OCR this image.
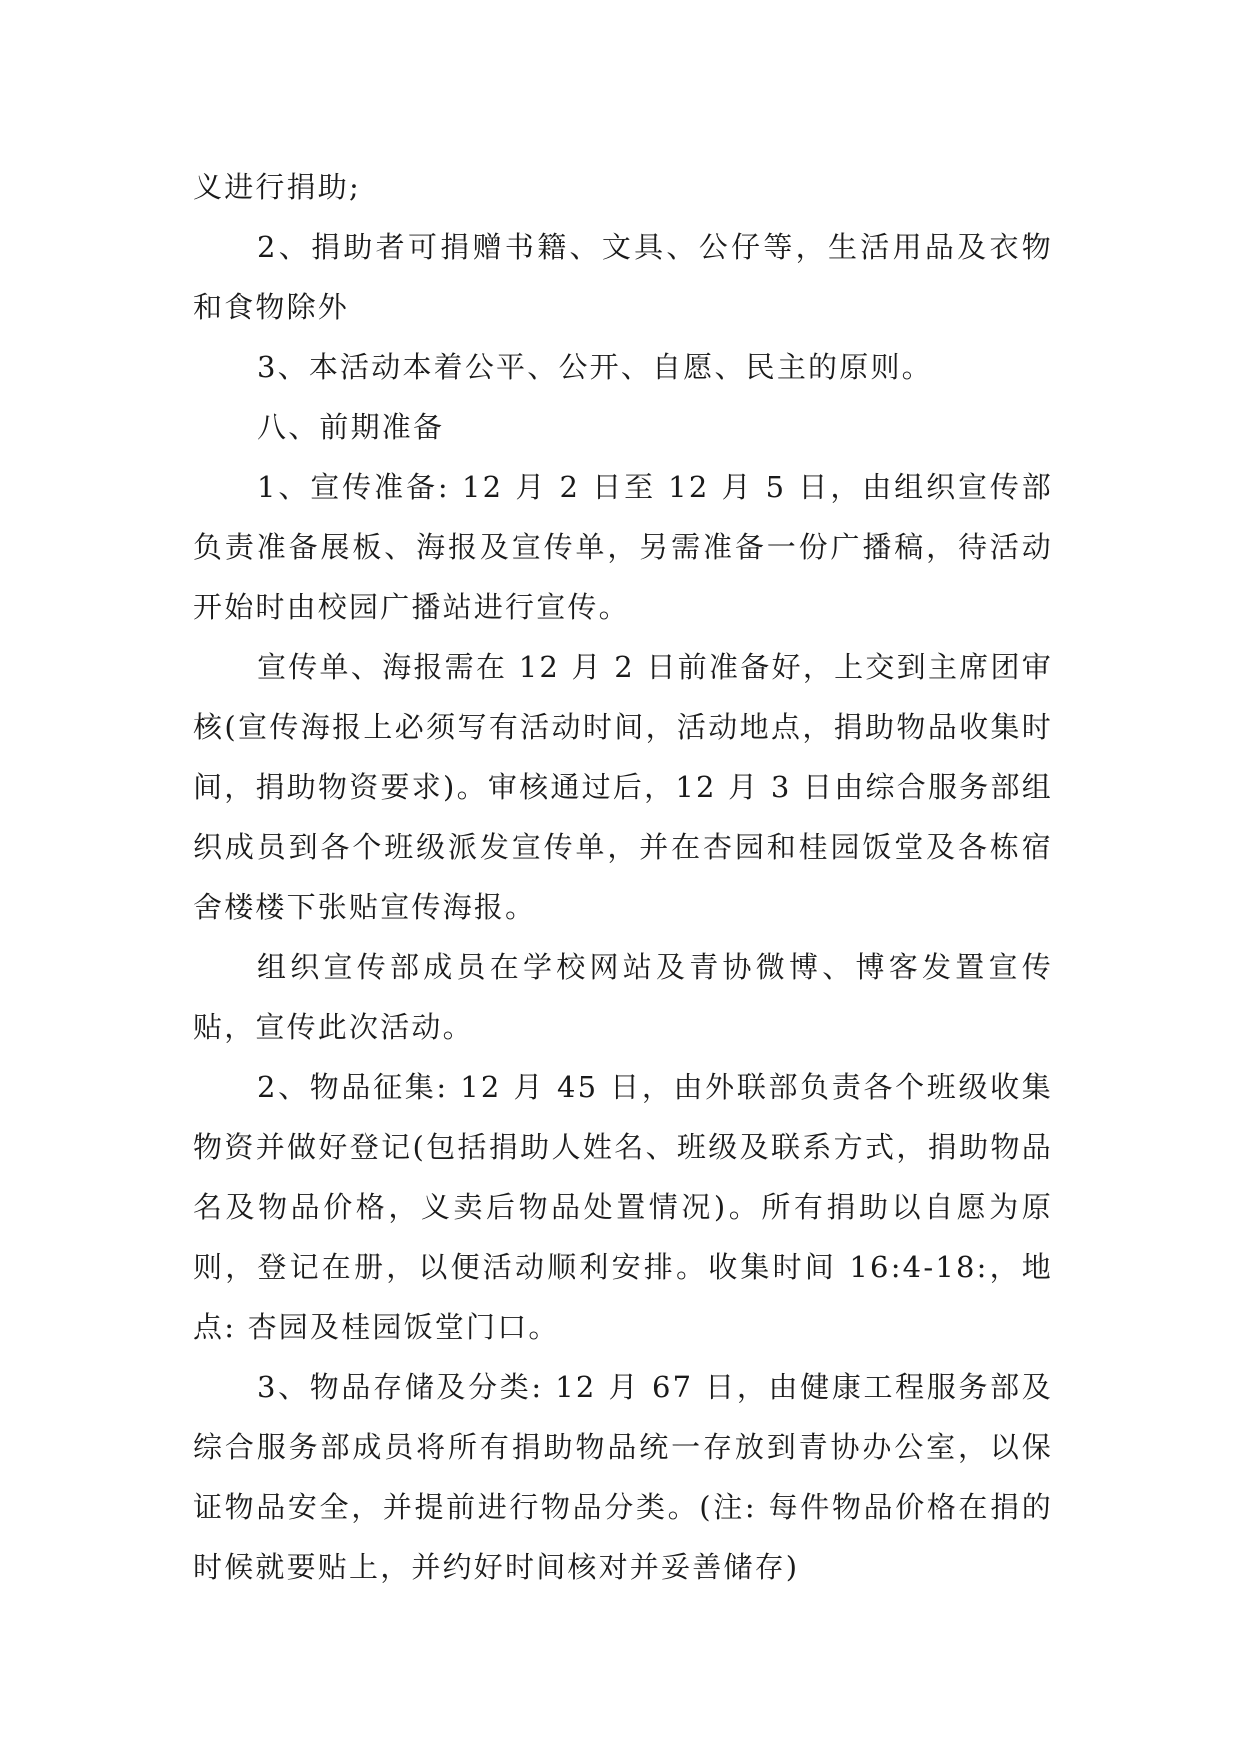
义进行捐助;

2、捐助者可捐赠书籍、文具、公仔等，生活用品及衣物和食物除外

3、本活动本着公平、公开、自愿、民主的原则。

八、前期准备

1、宣传准备: 12 月 2 日至 12 月 5 日，由组织宣传部负责准备展板、海报及宣传单，另需准备一份广播稿，待活动开始时由校园广播站进行宣传。

宣传单、海报需在 12 月 2 日前准备好，上交到主席团审核(宣传海报上必须写有活动时间，活动地点，捐助物品收集时间，捐助物资要求)。审核通过后，12 月 3 日由综合服务部组织成员到各个班级派发宣传单，并在杏园和桂园饭堂及各栋宿舍楼楼下张贴宣传海报。

组织宣传部成员在学校网站及青协微博、博客发置宣传贴，宣传此次活动。

2、物品征集: 12 月 45 日，由外联部负责各个班级收集物资并做好登记(包括捐助人姓名、班级及联系方式，捐助物品名及物品价格，义卖后物品处置情况)。所有捐助以自愿为原则，登记在册，以便活动顺利安排。收集时间 16:4-18:，地点: 杏园及桂园饭堂门口。

3、物品存储及分类: 12 月 67 日，由健康工程服务部及综合服务部成员将所有捐助物品统一存放到青协办公室，以保证物品安全，并提前进行物品分类。(注: 每件物品价格在捐的时候就要贴上，并约好时间核对并妥善储存)
